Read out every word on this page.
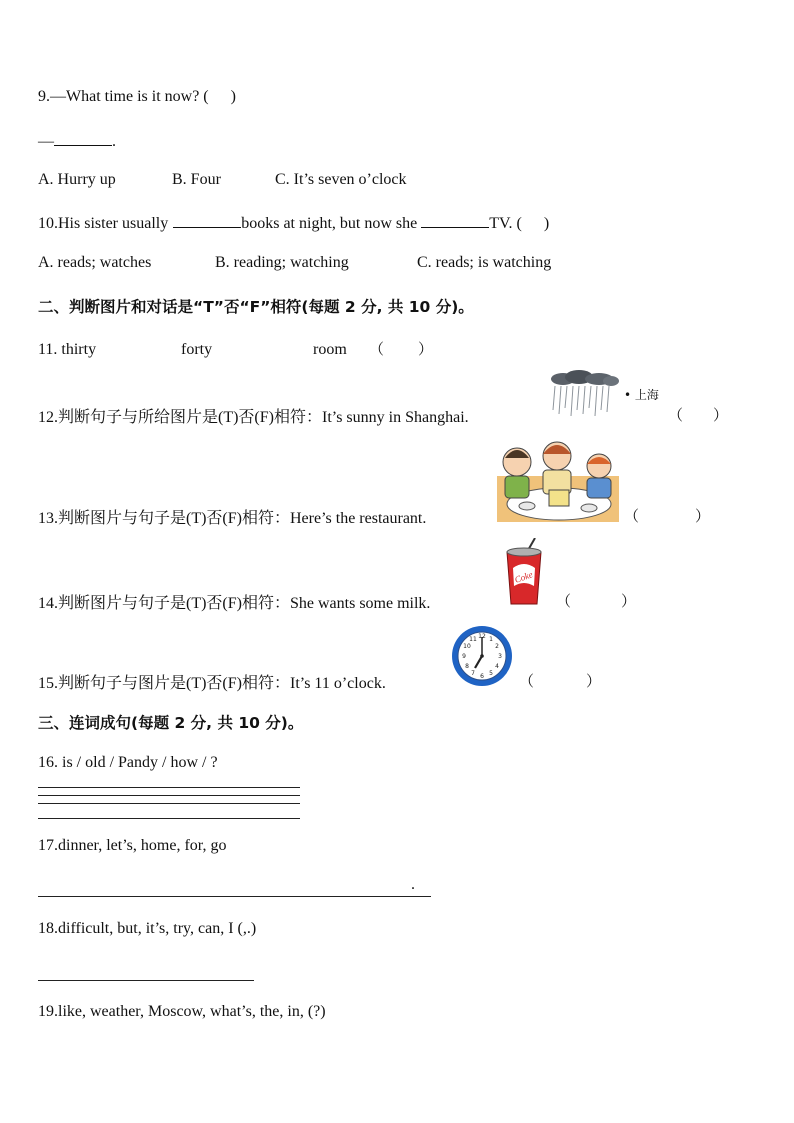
9.—What time is it now? ( )
—	.
A. Hurry up	B. Four	C. It’s seven o’clock
10.His sister usually	books at night, but now she	TV. ( )
A. reads; watches	B. reading; watching	C. reads; is watching
二、判断图片和对话是“T”否“F”相符(每题 2 分, 共 10 分)。
11. thirty	forty	room （ ）
12.判断句子与所给图片是(T)否(F)相符：It’s sunny in Shanghai.
• 上海
（ ）
13.判断图片与句子是(T)否(F)相符：Here’s the restaurant.	（	）
14.判断图片与句子是(T)否(F)相符：She wants some milk.
Coke
（	）
15.判断句子与图片是(T)否(F)相符：It’s 11 o’clock.
12 1
2
3
4
5
6
7
8
9
10
11
（	）
三、连词成句(每题 2 分, 共 10 分)。
16. is / old / Pandy / how / ?
17.dinner, let’s, home, for, go
.
18.difficult, but, it’s, try, can, I (,.)
19.like, weather, Moscow, what’s, the, in, (?)
